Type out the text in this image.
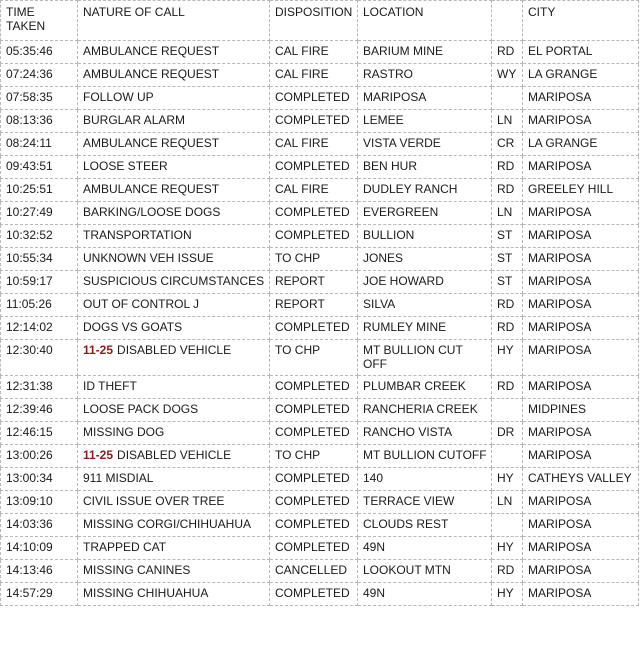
TIME TAKEN	NATURE OF CALL	DISPOSITION	LOCATION		CITY
05:35:46	AMBULANCE REQUEST	CAL FIRE	BARIUM MINE	RD	EL PORTAL
07:24:36	AMBULANCE REQUEST	CAL FIRE	RASTRO	WY	LA GRANGE
07:58:35	FOLLOW UP	COMPLETED	MARIPOSA		MARIPOSA
08:13:36	BURGLAR ALARM	COMPLETED	LEMEE	LN	MARIPOSA
08:24:11	AMBULANCE REQUEST	CAL FIRE	VISTA VERDE	CR	LA GRANGE
09:43:51	LOOSE STEER	COMPLETED	BEN HUR	RD	MARIPOSA
10:25:51	AMBULANCE REQUEST	CAL FIRE	DUDLEY RANCH	RD	GREELEY HILL
10:27:49	BARKING/LOOSE DOGS	COMPLETED	EVERGREEN	LN	MARIPOSA
10:32:52	TRANSPORTATION	COMPLETED	BULLION	ST	MARIPOSA
10:55:34	UNKNOWN VEH ISSUE	TO CHP	JONES	ST	MARIPOSA
10:59:17	SUSPICIOUS CIRCUMSTANCES	REPORT	JOE HOWARD	ST	MARIPOSA
11:05:26	OUT OF CONTROL J	REPORT	SILVA	RD	MARIPOSA
12:14:02	DOGS VS GOATS	COMPLETED	RUMLEY MINE	RD	MARIPOSA
12:30:40	11-25 DISABLED VEHICLE	TO CHP	MT BULLION CUT OFF	HY	MARIPOSA
12:31:38	ID THEFT	COMPLETED	PLUMBAR CREEK	RD	MARIPOSA
12:39:46	LOOSE PACK DOGS	COMPLETED	RANCHERIA CREEK		MIDPINES
12:46:15	MISSING DOG	COMPLETED	RANCHO VISTA	DR	MARIPOSA
13:00:26	11-25 DISABLED VEHICLE	TO CHP	MT BULLION CUTOFF		MARIPOSA
13:00:34	911 MISDIAL	COMPLETED	140	HY	CATHEYS VALLEY
13:09:10	CIVIL ISSUE OVER TREE	COMPLETED	TERRACE VIEW	LN	MARIPOSA
14:03:36	MISSING CORGI/CHIHUAHUA	COMPLETED	CLOUDS REST		MARIPOSA
14:10:09	TRAPPED CAT	COMPLETED	49N	HY	MARIPOSA
14:13:46	MISSING CANINES	CANCELLED	LOOKOUT MTN	RD	MARIPOSA
14:57:29	MISSING CHIHUAHUA	COMPLETED	49N	HY	MARIPOSA
